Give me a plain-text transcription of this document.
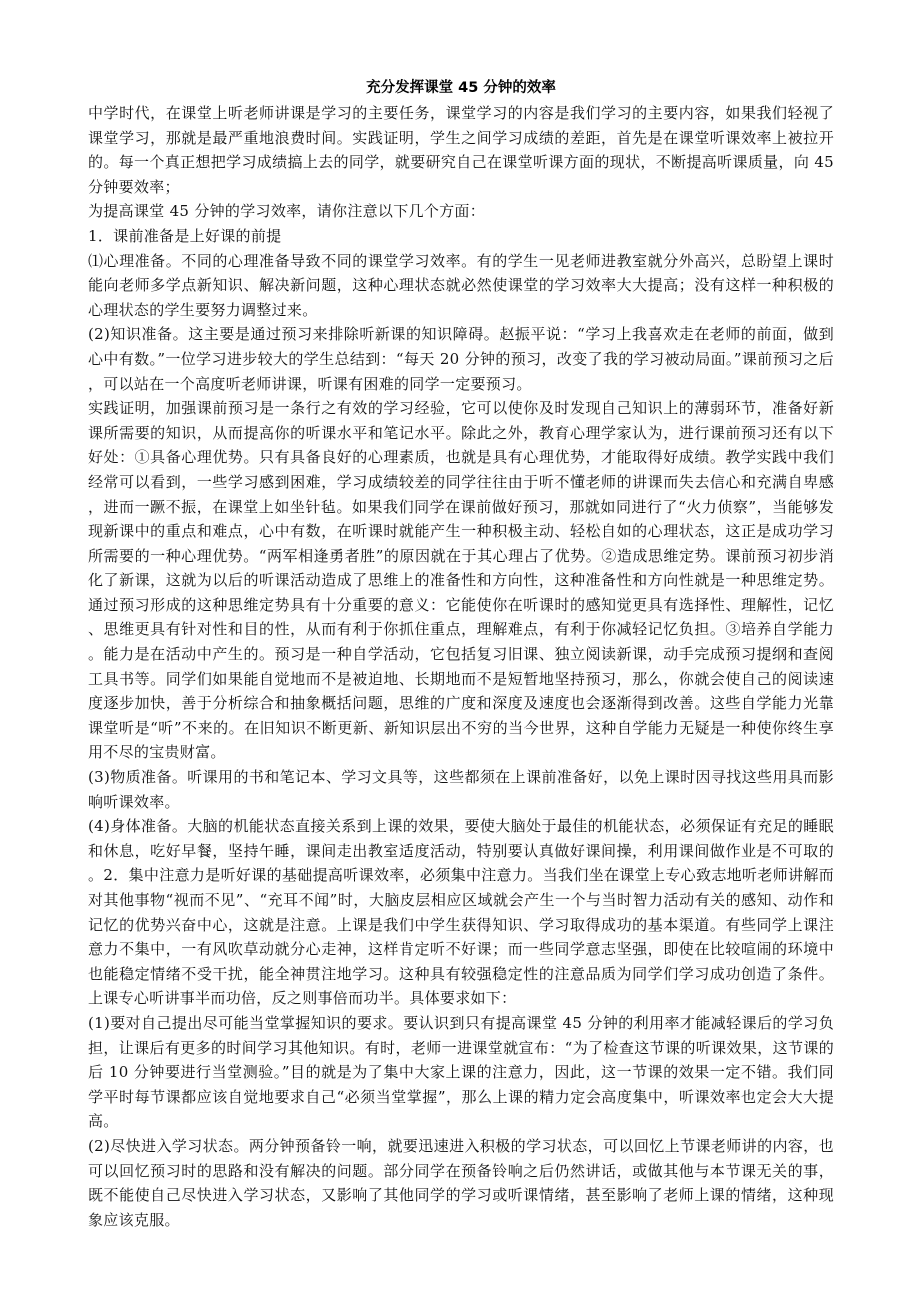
充分发挥课堂 45 分钟的效率

中学时代，在课堂上听老师讲课是学习的主要任务，课堂学习的内容是我们学习的主要内容，如果我们轻视了课堂学习，那就是最严重地浪费时间。实践证明，学生之间学习成绩的差距，首先是在课堂听课效率上被拉开的。每一个真正想把学习成绩搞上去的同学，就要研究自己在课堂听课方面的现状，不断提高听课质量，向 45 分钟要效率；

为提高课堂 45 分钟的学习效率，请你注意以下几个方面：

1．课前准备是上好课的前提

⑴心理准备。不同的心理准备导致不同的课堂学习效率。有的学生一见老师进教室就分外高兴，总盼望上课时能向老师多学点新知识、解决新问题，这种心理状态就必然使课堂的学习效率大大提高；没有这样一种积极的心理状态的学生要努力调整过来。

(2)知识准备。这主要是通过预习来排除听新课的知识障碍。赵振平说：“学习上我喜欢走在老师的前面，做到心中有数。”一位学习进步较大的学生总结到：“每天 20 分钟的预习，改变了我的学习被动局面。”课前预习之后，可以站在一个高度听老师讲课，听课有困难的同学一定要预习。

实践证明，加强课前预习是一条行之有效的学习经验，它可以使你及时发现自己知识上的薄弱环节，准备好新课所需要的知识，从而提高你的听课水平和笔记水平。除此之外，教育心理学家认为，进行课前预习还有以下好处：①具备心理优势。只有具备良好的心理素质，也就是具有心理优势，才能取得好成绩。教学实践中我们经常可以看到，一些学习感到困难，学习成绩较差的同学往往由于听不懂老师的讲课而失去信心和充满自卑感，进而一蹶不振，在课堂上如坐针毡。如果我们同学在课前做好预习，那就如同进行了“火力侦察”，当能够发现新课中的重点和难点，心中有数，在听课时就能产生一种积极主动、轻松自如的心理状态，这正是成功学习所需要的一种心理优势。“两军相逢勇者胜”的原因就在于其心理占了优势。②造成思维定势。课前预习初步消化了新课，这就为以后的听课活动造成了思维上的准备性和方向性，这种准备性和方向性就是一种思维定势。通过预习形成的这种思维定势具有十分重要的意义：它能使你在听课时的感知觉更具有选择性、理解性，记忆、思维更具有针对性和目的性，从而有利于你抓住重点，理解难点，有利于你减轻记忆负担。③培养自学能力。能力是在活动中产生的。预习是一种自学活动，它包括复习旧课、独立阅读新课，动手完成预习提纲和查阅工具书等。同学们如果能自觉地而不是被迫地、长期地而不是短暂地坚持预习，那么，你就会使自己的阅读速度逐步加快，善于分析综合和抽象概括问题，思维的广度和深度及速度也会逐渐得到改善。这些自学能力光靠课堂听是“听”不来的。在旧知识不断更新、新知识层出不穷的当今世界，这种自学能力无疑是一种使你终生享用不尽的宝贵财富。

(3)物质准备。听课用的书和笔记本、学习文具等，这些都须在上课前准备好，以免上课时因寻找这些用具而影响听课效率。

(4)身体准备。大脑的机能状态直接关系到上课的效果，要使大脑处于最佳的机能状态，必须保证有充足的睡眠和休息，吃好早餐，坚持午睡，课间走出教室适度活动，特别要认真做好课间操，利用课间做作业是不可取的。2．集中注意力是听好课的基础提高听课效率，必须集中注意力。当我们坐在课堂上专心致志地听老师讲解而对其他事物“视而不见”、“充耳不闻”时，大脑皮层相应区域就会产生一个与当时智力活动有关的感知、动作和记忆的优势兴奋中心，这就是注意。上课是我们中学生获得知识、学习取得成功的基本渠道。有些同学上课注意力不集中，一有风吹草动就分心走神，这样肯定听不好课；而一些同学意志坚强，即使在比较喧闹的环境中也能稳定情绪不受干扰，能全神贯注地学习。这种具有较强稳定性的注意品质为同学们学习成功创造了条件。上课专心听讲事半而功倍，反之则事倍而功半。具体要求如下：

(1)要对自己提出尽可能当堂掌握知识的要求。要认识到只有提高课堂 45 分钟的利用率才能减轻课后的学习负担，让课后有更多的时间学习其他知识。有时，老师一进课堂就宣布：“为了检查这节课的听课效果，这节课的后 10 分钟要进行当堂测验。”目的就是为了集中大家上课的注意力，因此，这一节课的效果一定不错。我们同学平时每节课都应该自觉地要求自己“必须当堂掌握”，那么上课的精力定会高度集中，听课效率也定会大大提高。

(2)尽快进入学习状态。两分钟预备铃一响，就要迅速进入积极的学习状态，可以回忆上节课老师讲的内容，也可以回忆预习时的思路和没有解决的问题。部分同学在预备铃响之后仍然讲话，或做其他与本节课无关的事，既不能使自己尽快进入学习状态，又影响了其他同学的学习或听课情绪，甚至影响了老师上课的情绪，这种现象应该克服。
